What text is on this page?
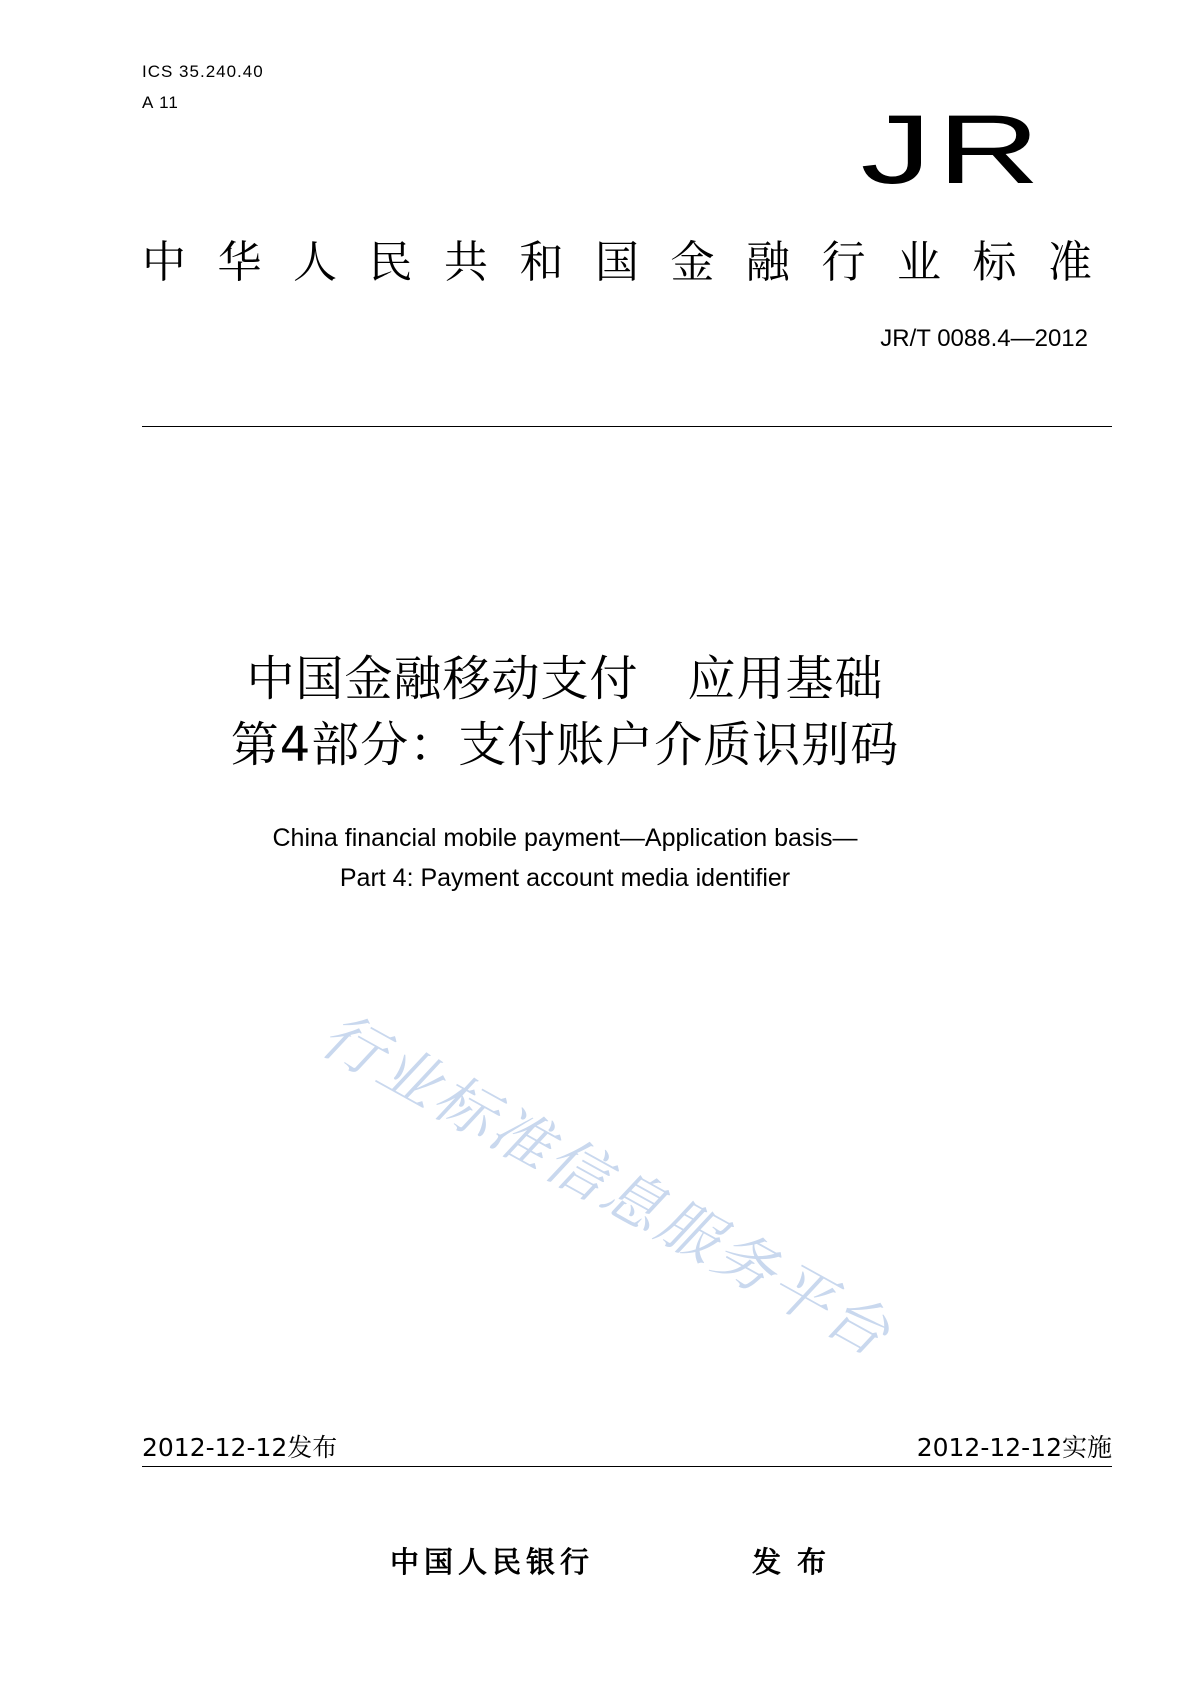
ICS 35.240.40
A 11	JR
中 华 人 民 共 和 国 金 融 行 业 标 准
JR/T 0088.4—2012
中国金融移动支付　应用基础
第4部分：支付账户介质识别码
China financial mobile payment—Application basis—
Part 4: Payment account media identifier
行业标准信息服务平台
2012-12-12发布	2012-12-12实施
中国人民银行	发布
